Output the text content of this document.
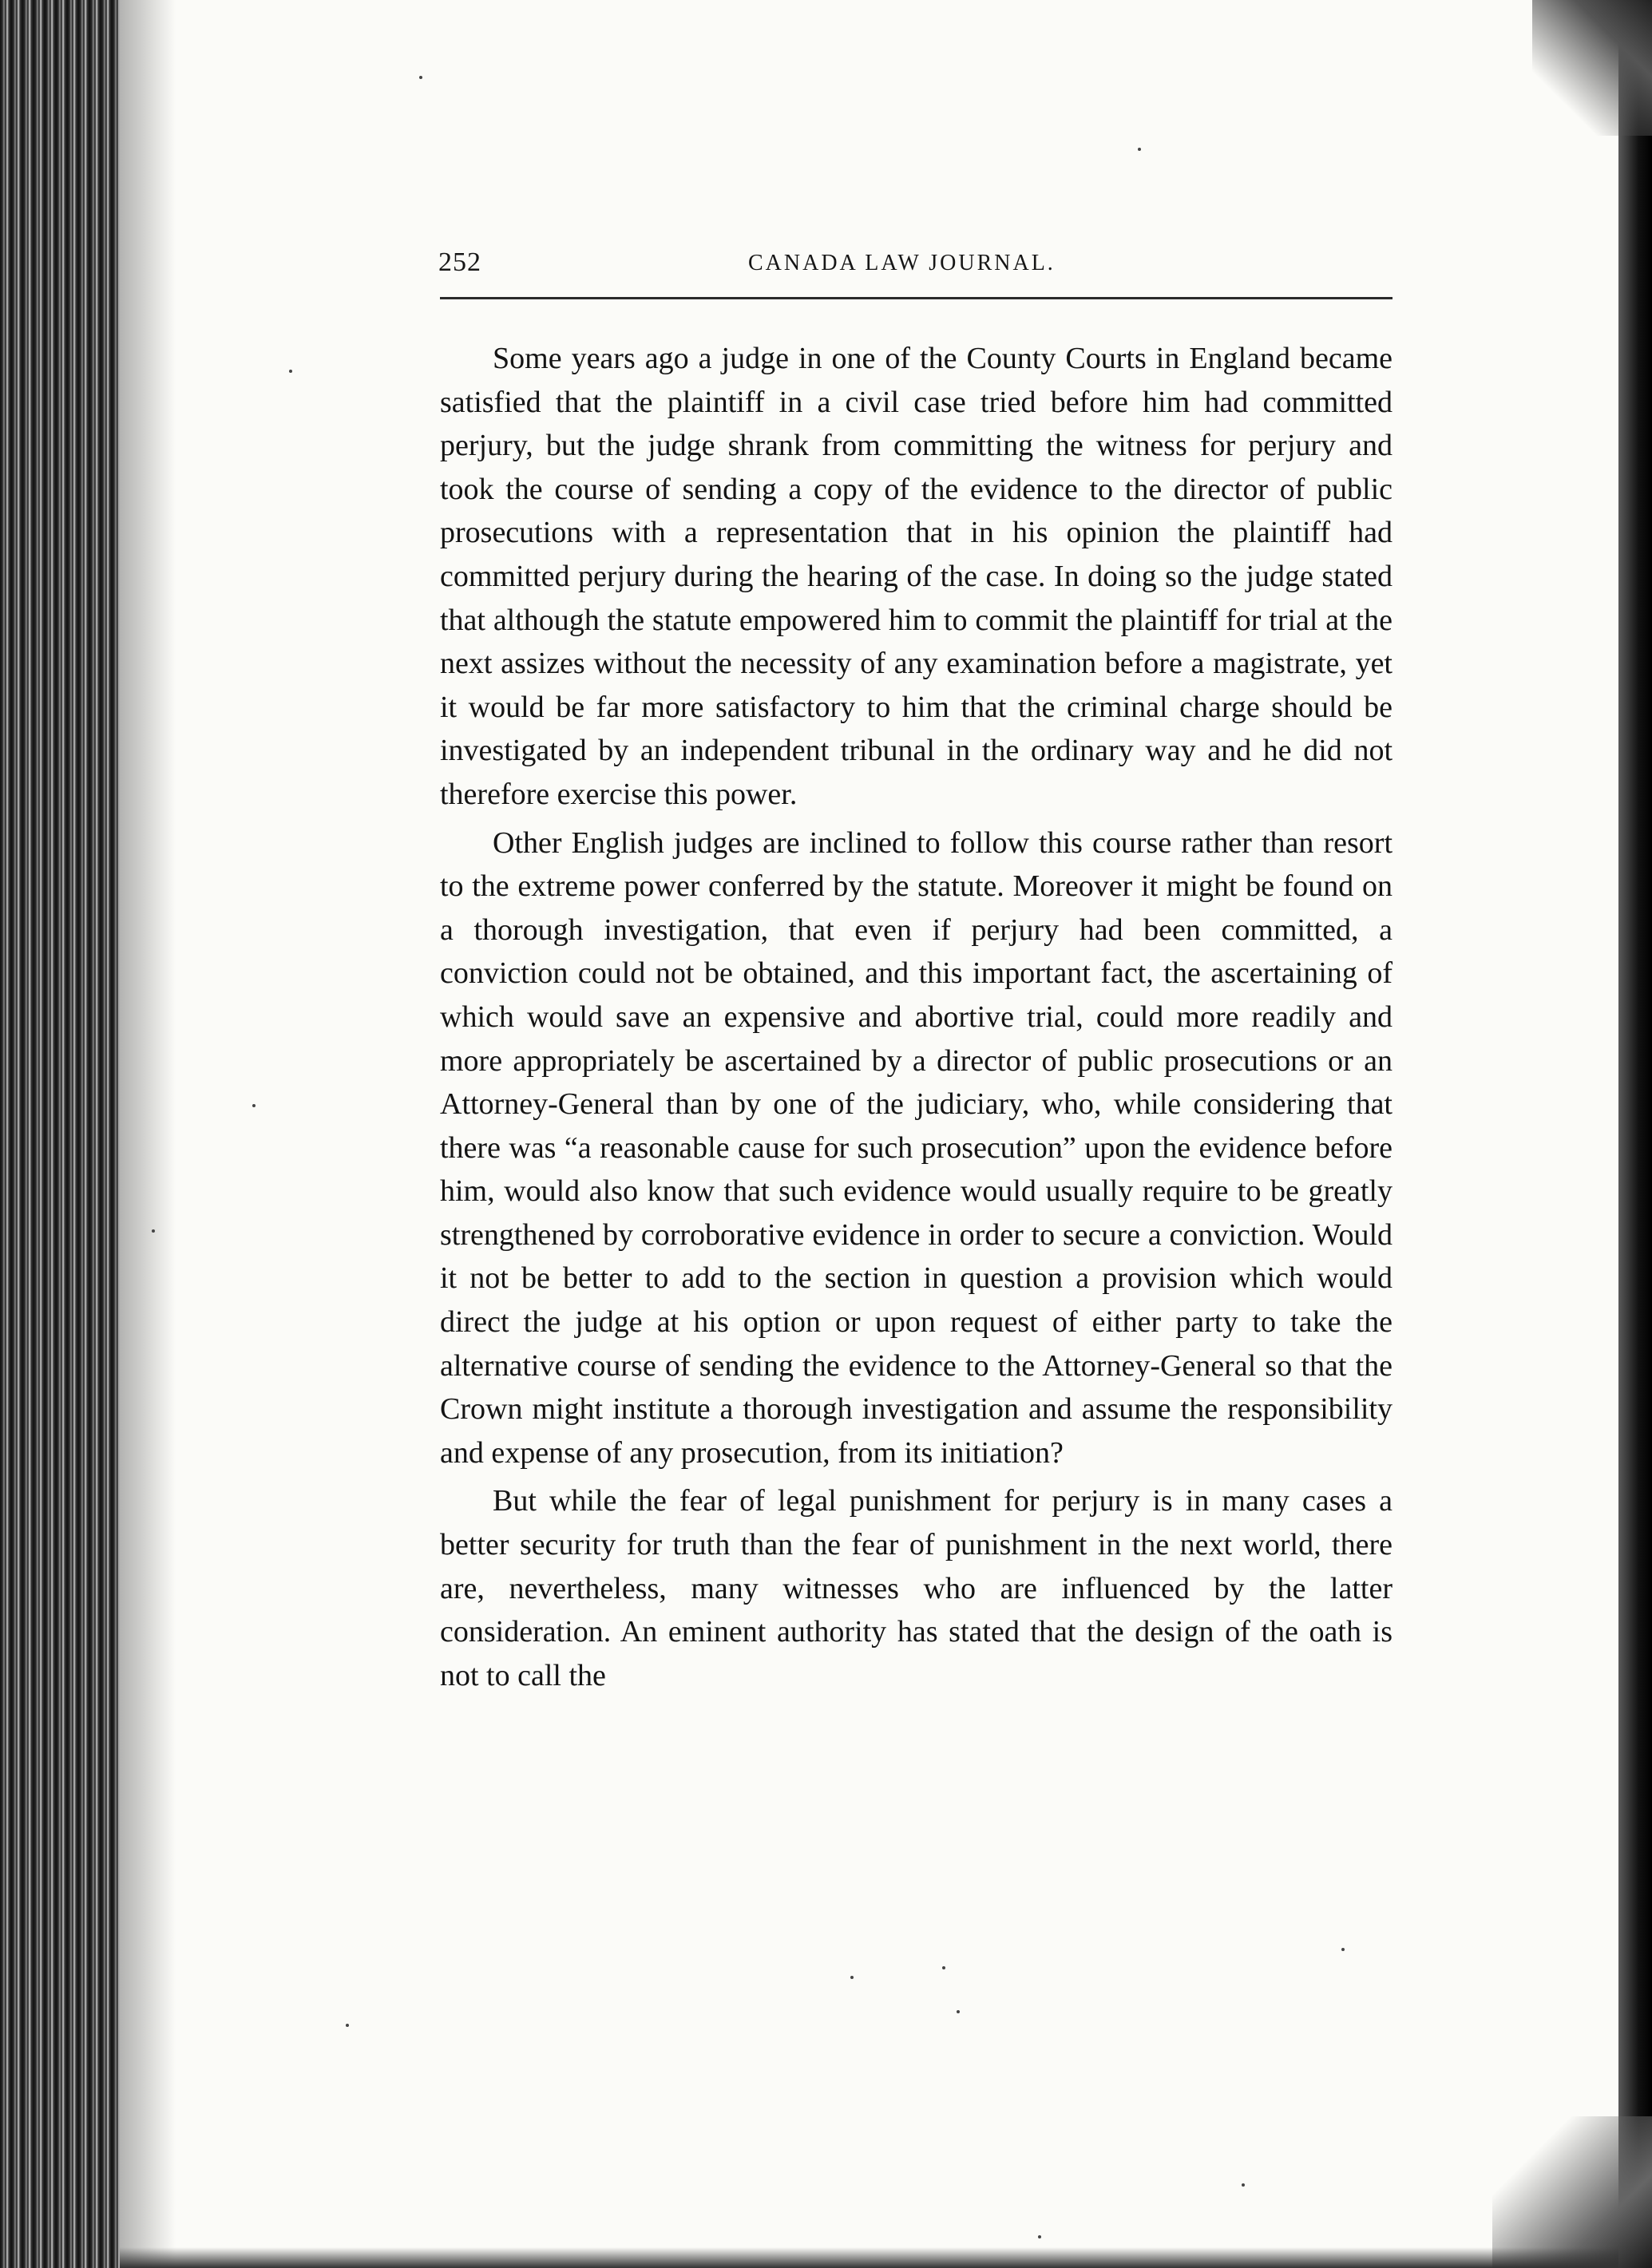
252	CANADA LAW JOURNAL.

Some years ago a judge in one of the County Courts in England became satisfied that the plaintiff in a civil case tried before him had committed perjury, but the judge shrank from committing the witness for perjury and took the course of sending a copy of the evidence to the director of public prosecutions with a representation that in his opinion the plaintiff had committed perjury during the hearing of the case. In doing so the judge stated that although the statute empowered him to commit the plaintiff for trial at the next assizes without the necessity of any examination before a magistrate, yet it would be far more satisfactory to him that the criminal charge should be investigated by an independent tribunal in the ordinary way and he did not therefore exercise this power.

Other English judges are inclined to follow this course rather than resort to the extreme power conferred by the statute. Moreover it might be found on a thorough investigation, that even if perjury had been committed, a conviction could not be obtained, and this important fact, the ascertaining of which would save an expensive and abortive trial, could more readily and more appropriately be ascertained by a director of public prosecutions or an Attorney-General than by one of the judiciary, who, while considering that there was “a reasonable cause for such prosecution” upon the evidence before him, would also know that such evidence would usually require to be greatly strengthened by corroborative evidence in order to secure a conviction. Would it not be better to add to the section in question a provision which would direct the judge at his option or upon request of either party to take the alternative course of sending the evidence to the Attorney-General so that the Crown might institute a thorough investigation and assume the responsibility and expense of any prosecution, from its initiation?

But while the fear of legal punishment for perjury is in many cases a better security for truth than the fear of punishment in the next world, there are, nevertheless, many witnesses who are influenced by the latter consideration. An eminent authority has stated that the design of the oath is not to call the
